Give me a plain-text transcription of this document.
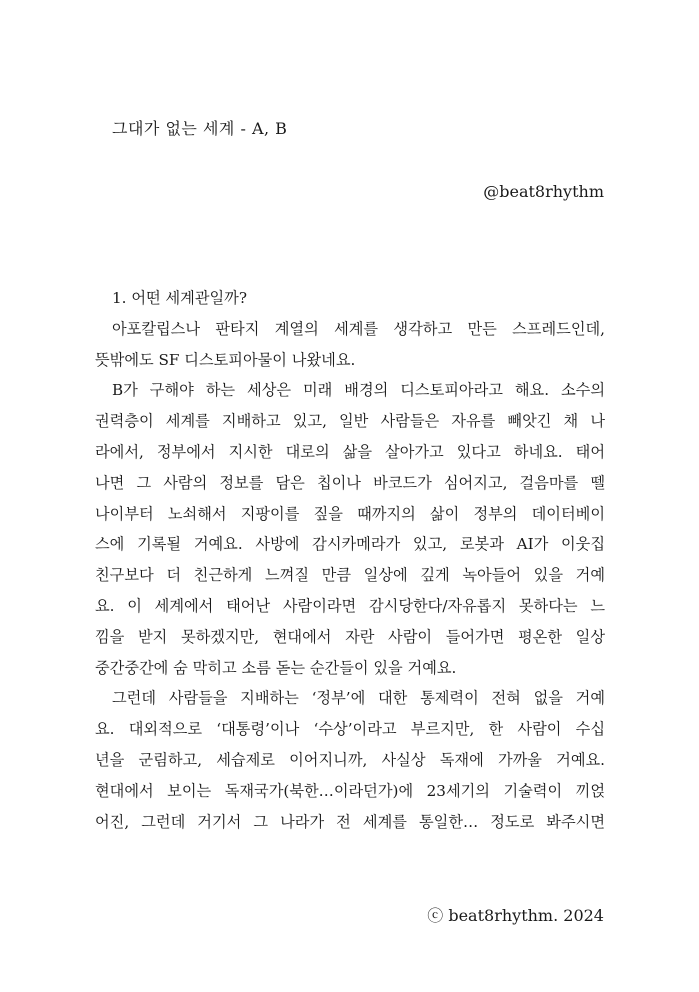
그대가 없는 세계 - A, B
@beat8rhythm
1. 어떤 세계관일까?
아포칼립스나 판타지 계열의 세계를 생각하고 만든 스프레드인데,
뜻밖에도 SF 디스토피아물이 나왔네요.
B가 구해야 하는 세상은 미래 배경의 디스토피아라고 해요. 소수의
권력층이 세계를 지배하고 있고, 일반 사람들은 자유를 빼앗긴 채 나
라에서, 정부에서 지시한 대로의 삶을 살아가고 있다고 하네요. 태어
나면 그 사람의 정보를 담은 칩이나 바코드가 심어지고, 걸음마를 뗄
나이부터 노쇠해서 지팡이를 짚을 때까지의 삶이 정부의 데이터베이
스에 기록될 거예요. 사방에 감시카메라가 있고, 로봇과 AI가 이웃집
친구보다 더 친근하게 느껴질 만큼 일상에 깊게 녹아들어 있을 거예
요. 이 세계에서 태어난 사람이라면 감시당한다/자유롭지 못하다는 느
낌을 받지 못하겠지만, 현대에서 자란 사람이 들어가면 평온한 일상
중간중간에 숨 막히고 소름 돋는 순간들이 있을 거예요.
그런데 사람들을 지배하는 ‘정부’에 대한 통제력이 전혀 없을 거예
요. 대외적으로 ‘대통령’이나 ‘수상’이라고 부르지만, 한 사람이 수십
년을 군림하고, 세습제로 이어지니까, 사실상 독재에 가까울 거예요.
현대에서 보이는 독재국가(북한…이라던가)에 23세기의 기술력이 끼얹
어진, 그런데 거기서 그 나라가 전 세계를 통일한… 정도로 봐주시면
ⓒ beat8rhythm. 2024
